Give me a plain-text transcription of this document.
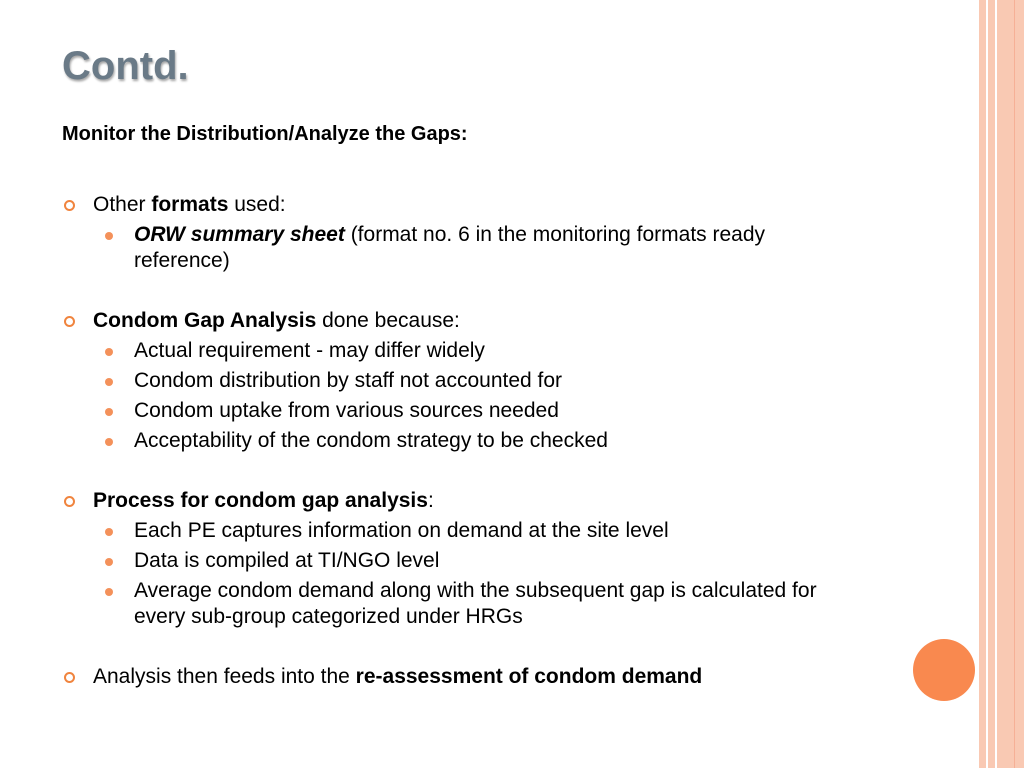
Contd.
Monitor the Distribution/Analyze the Gaps:

Other formats used:

ORW summary sheet (format no. 6 in the monitoring formats ready reference)

Condom Gap Analysis done because:

Actual requirement - may differ widely

Condom distribution by staff not accounted for

Condom uptake from various sources needed

Acceptability of the condom strategy to be checked

Process for condom gap analysis:

Each PE captures information on demand at the site level

Data is compiled at TI/NGO level

Average condom demand along with the subsequent gap is calculated for every sub-group categorized under HRGs

Analysis then feeds into the re-assessment of condom demand
